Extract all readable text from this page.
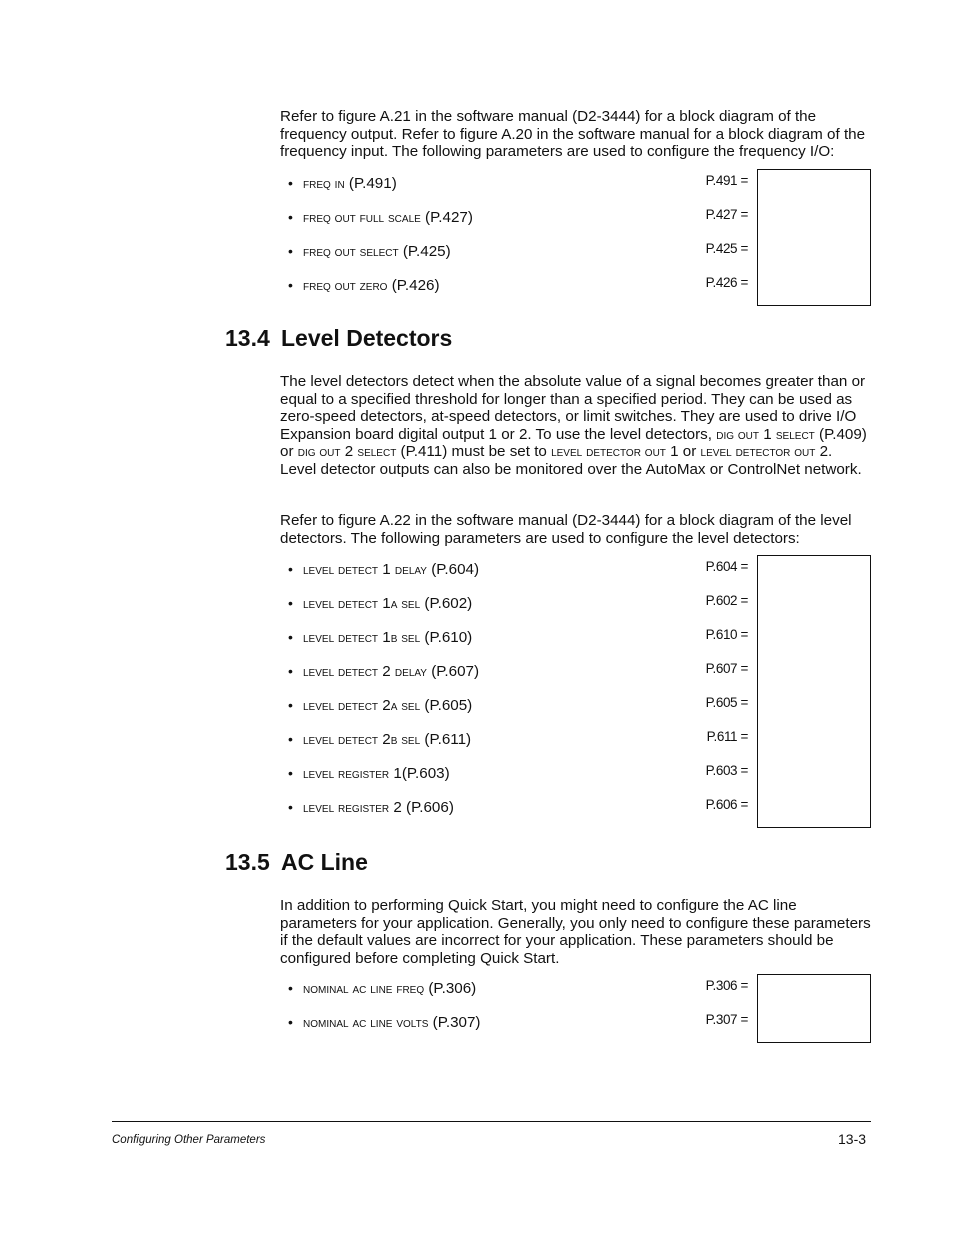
Refer to figure A.21 in the software manual (D2-3444) for a block diagram of the frequency output. Refer to figure A.20 in the software manual for a block diagram of the frequency input. The following parameters are used to configure the frequency I/O:

• freq in (P.491)	P.491 =
• freq out full scale (P.427)	P.427 =
• freq out select (P.425)	P.425 =
• freq out zero (P.426)	P.426 =
13.4 Level Detectors

The level detectors detect when the absolute value of a signal becomes greater than or equal to a specified threshold for longer than a specified period. They can be used as zero-speed detectors, at-speed detectors, or limit switches. They are used to drive I/O Expansion board digital output 1 or 2. To use the level detectors, dig out 1 select (P.409) or dig out 2 select (P.411) must be set to level detector out 1 or level detector out 2. Level detector outputs can also be monitored over the AutoMax or ControlNet network.

Refer to figure A.22 in the software manual (D2-3444) for a block diagram of the level detectors. The following parameters are used to configure the level detectors:

• level detect 1 delay (P.604)	P.604 =
• level detect 1a sel (P.602)	P.602 =
• level detect 1b sel (P.610)	P.610 =
• level detect 2 delay (P.607)	P.607 =
• level detect 2a sel (P.605)	P.605 =
• level detect 2b sel (P.611)	P.611 =
• level register 1(P.603)	P.603 =
• level register 2 (P.606)	P.606 =
13.5 AC Line

In addition to performing Quick Start, you might need to configure the AC line parameters for your application. Generally, you only need to configure these parameters if the default values are incorrect for your application. These parameters should be configured before completing Quick Start.

• nominal ac line freq (P.306)	P.306 =
• nominal ac line volts (P.307)	P.307 =
Configuring Other Parameters	13-3
